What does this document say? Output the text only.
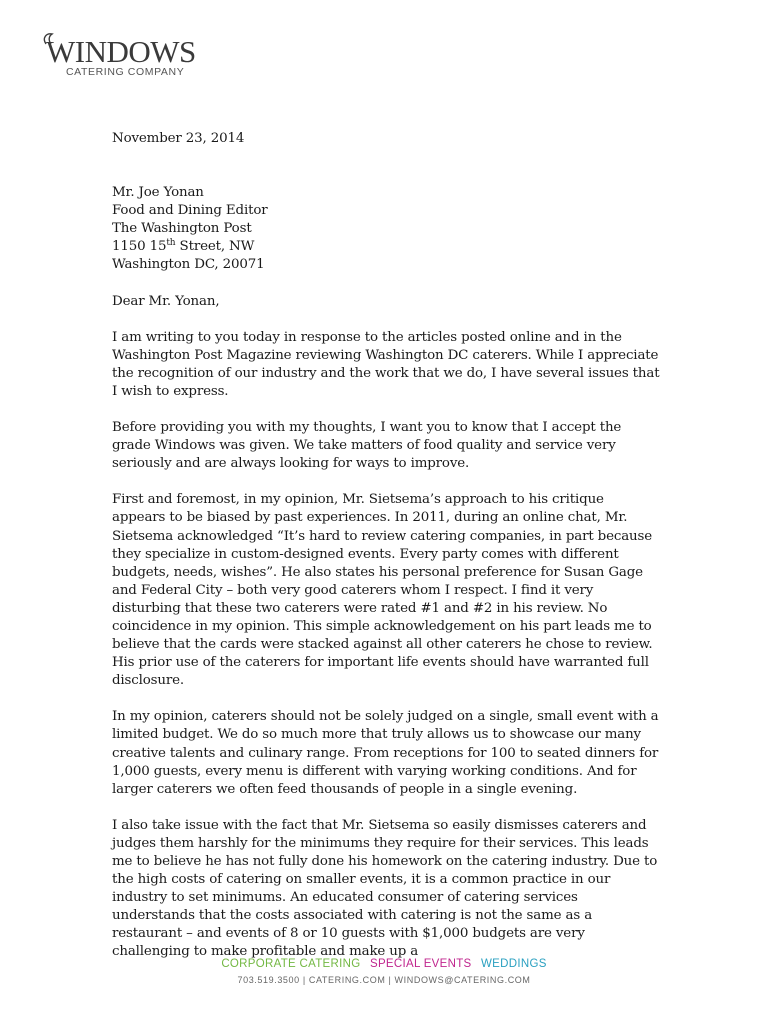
WINDOWS
CATERING COMPANY

November 23, 2014

Mr. Joe Yonan

Food and Dining Editor

The Washington Post

1150 15th Street, NW

Washington DC, 20071

Dear Mr. Yonan,

I am writing to you today in response to the articles posted online and in the Washington Post Magazine reviewing Washington DC caterers. While I appreciate the recognition of our industry and the work that we do, I have several issues that I wish to express.

Before providing you with my thoughts, I want you to know that I accept the grade Windows was given. We take matters of food quality and service very seriously and are always looking for ways to improve.

First and foremost, in my opinion, Mr. Sietsema’s approach to his critique appears to be biased by past experiences. In 2011, during an online chat, Mr. Sietsema acknowledged “It’s hard to review catering companies, in part because they specialize in custom-designed events. Every party comes with different budgets, needs, wishes”. He also states his personal preference for Susan Gage and Federal City – both very good caterers whom I respect. I find it very disturbing that these two caterers were rated #1 and #2 in his review. No coincidence in my opinion. This simple acknowledgement on his part leads me to believe that the cards were stacked against all other caterers he chose to review. His prior use of the caterers for important life events should have warranted full disclosure.

In my opinion, caterers should not be solely judged on a single, small event with a limited budget. We do so much more that truly allows us to showcase our many creative talents and culinary range. From receptions for 100 to seated dinners for 1,000 guests, every menu is different with varying working conditions. And for larger caterers we often feed thousands of people in a single evening.

I also take issue with the fact that Mr. Sietsema so easily dismisses caterers and judges them harshly for the minimums they require for their services. This leads me to believe he has not fully done his homework on the catering industry. Due to the high costs of catering on smaller events, it is a common practice in our industry to set minimums. An educated consumer of catering services understands that the costs associated with catering is not the same as a restaurant – and events of 8 or 10 guests with $1,000 budgets are very challenging to make profitable and make up a

CORPORATE CATERING SPECIAL EVENTS WEDDINGS
703.519.3500 | CATERING.COM | WINDOWS@CATERING.COM
